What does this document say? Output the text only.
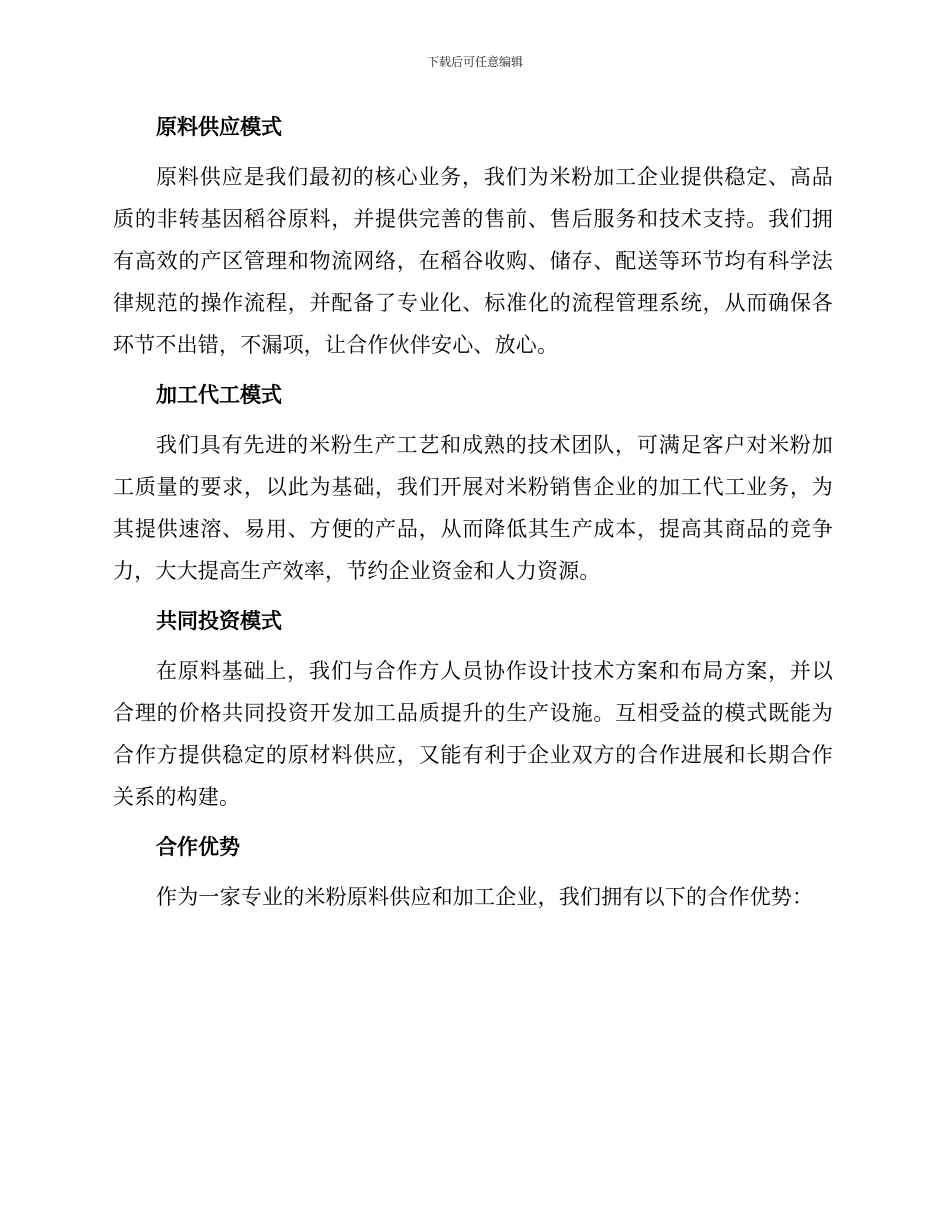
下载后可任意编辑
原料供应模式

原料供应是我们最初的核心业务，我们为米粉加工企业提供稳定、高品质的非转基因稻谷原料，并提供完善的售前、售后服务和技术支持。我们拥有高效的产区管理和物流网络，在稻谷收购、储存、配送等环节均有科学法律规范的操作流程，并配备了专业化、标准化的流程管理系统，从而确保各环节不出错，不漏项，让合作伙伴安心、放心。

加工代工模式

我们具有先进的米粉生产工艺和成熟的技术团队，可满足客户对米粉加工质量的要求，以此为基础，我们开展对米粉销售企业的加工代工业务，为其提供速溶、易用、方便的产品，从而降低其生产成本，提高其商品的竞争力，大大提高生产效率，节约企业资金和人力资源。

共同投资模式

在原料基础上，我们与合作方人员协作设计技术方案和布局方案，并以合理的价格共同投资开发加工品质提升的生产设施。互相受益的模式既能为合作方提供稳定的原材料供应，又能有利于企业双方的合作进展和长期合作关系的构建。

合作优势

作为一家专业的米粉原料供应和加工企业，我们拥有以下的合作优势：
